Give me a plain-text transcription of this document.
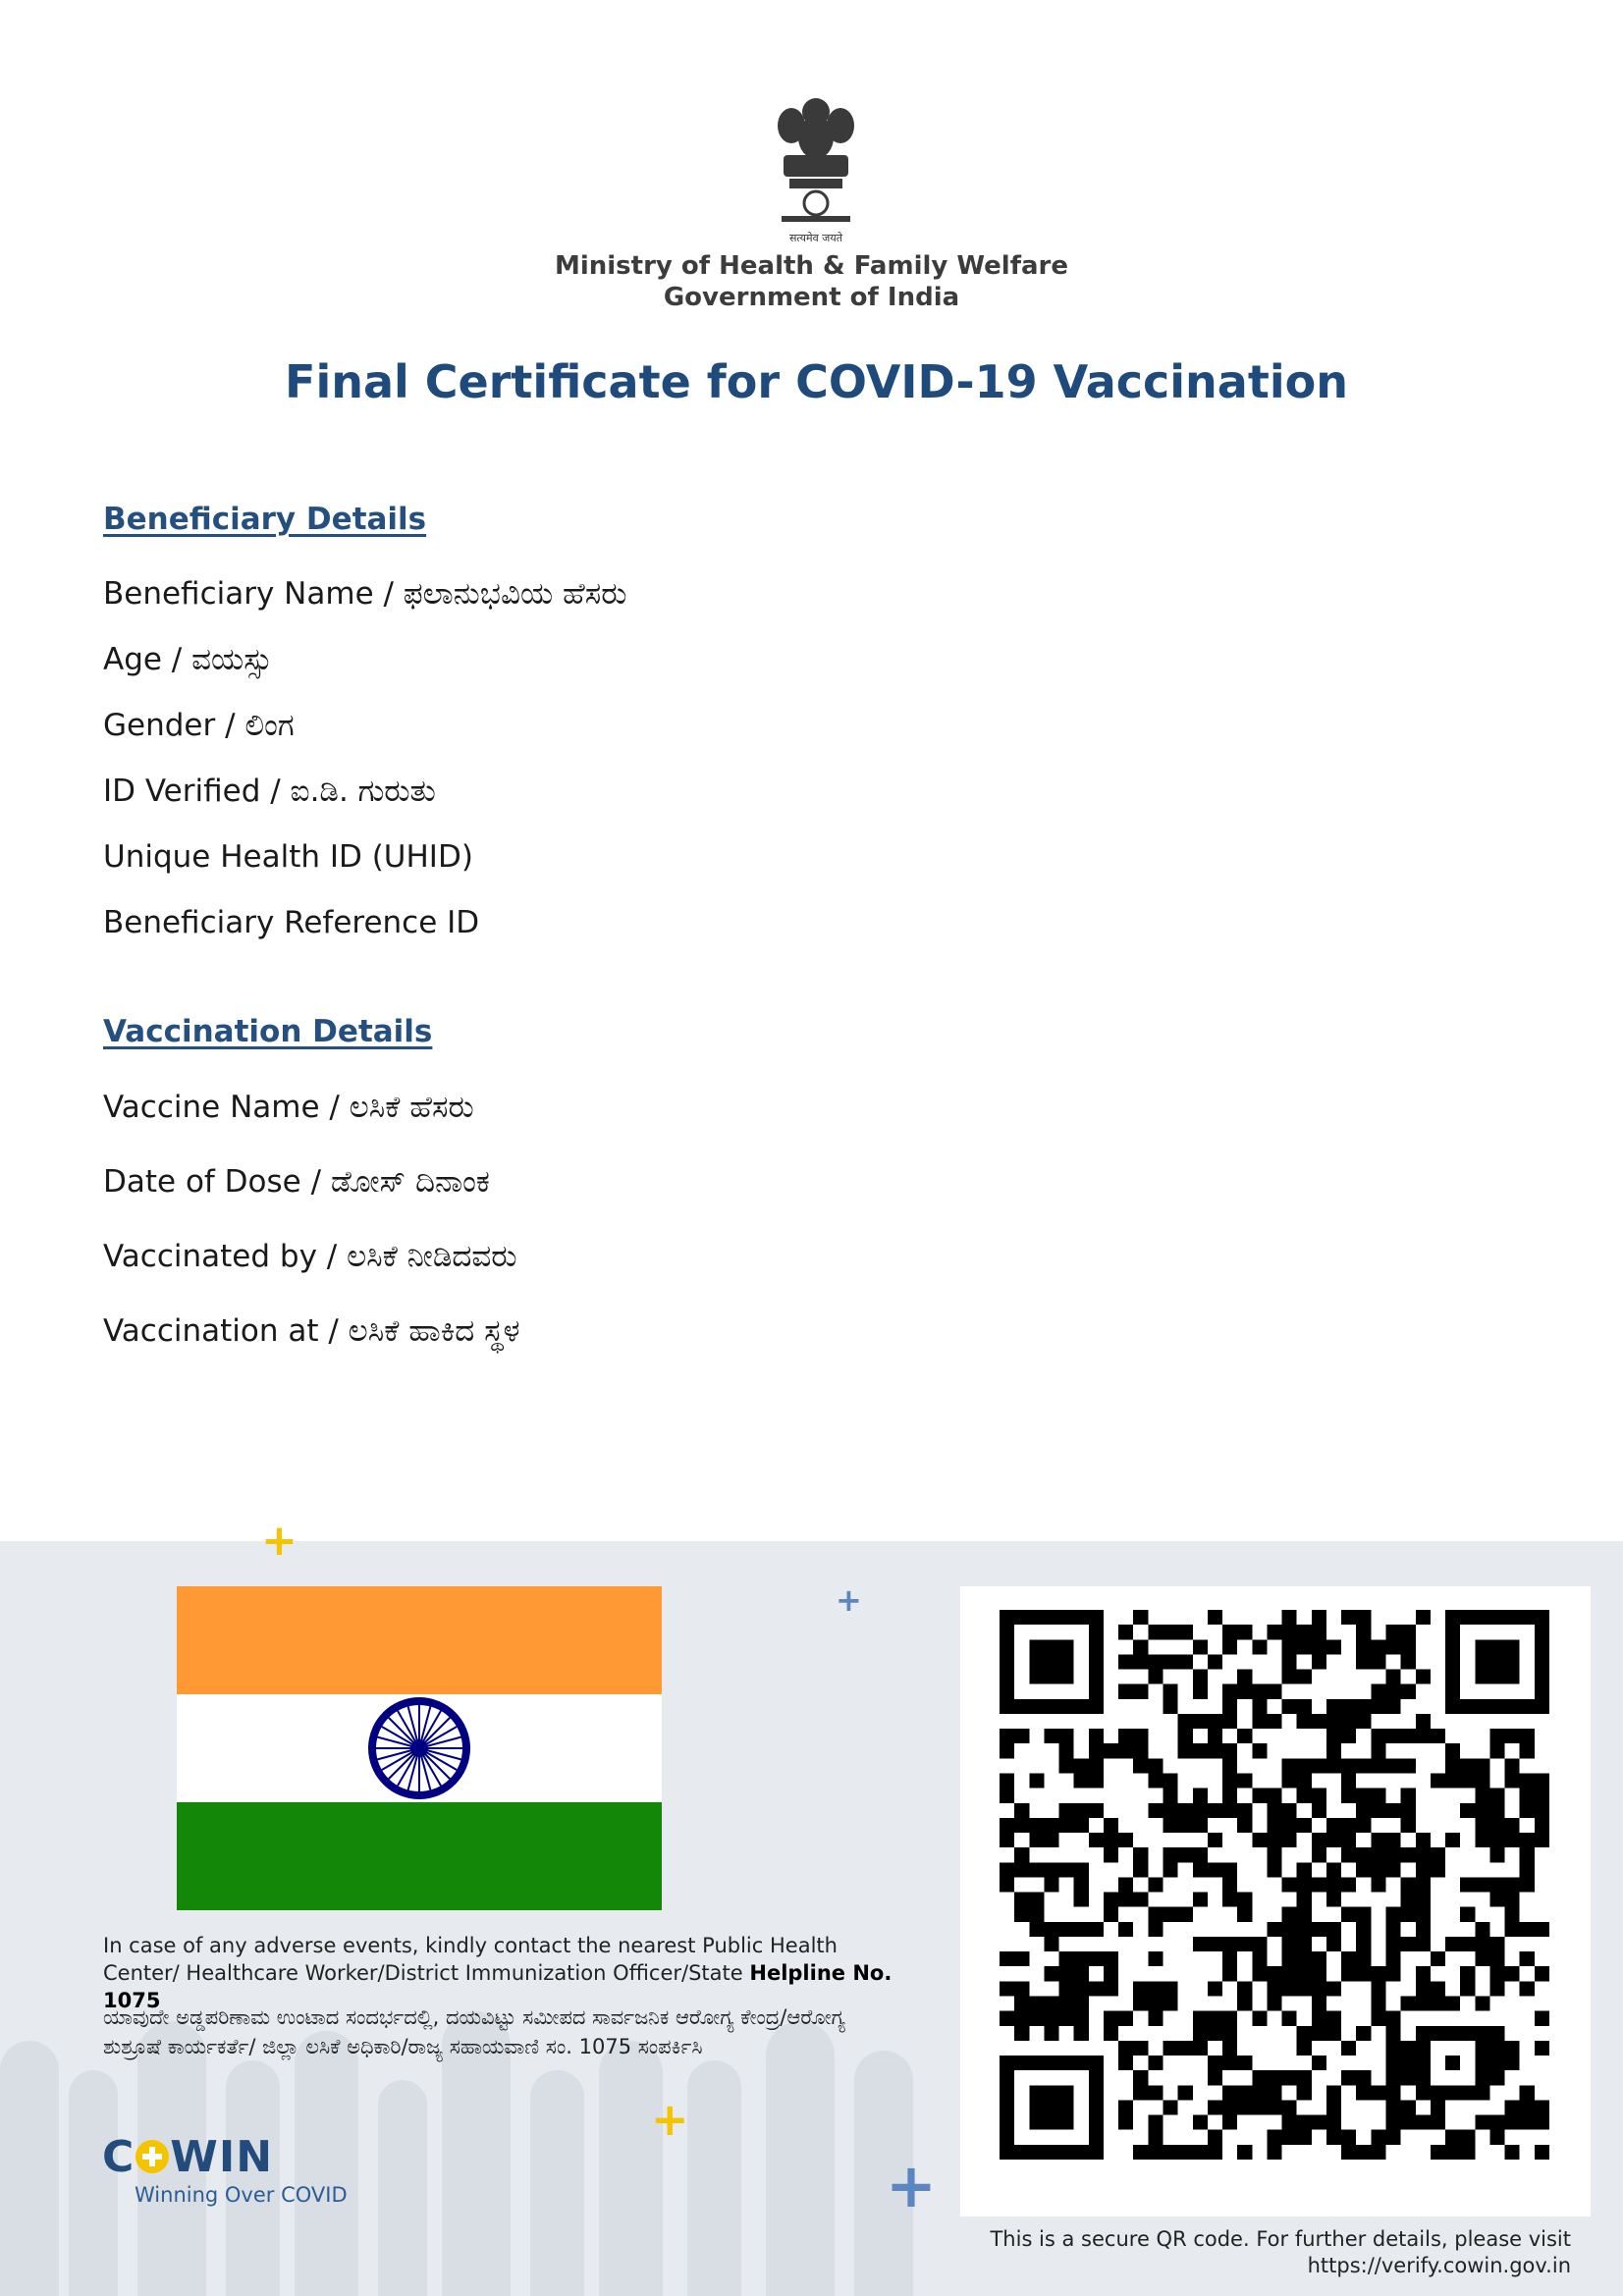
सत्यमेव जयते
Ministry of Health & Family Welfare
Government of India
Final Certificate for COVID-19 Vaccination
Beneficiary Details
Beneficiary Name / ಫಲಾನುಭವಿಯ ಹೆಸರು
Age / ವಯಸ್ಸು
Gender / ಲಿಂಗ
ID Verified / ಐ.ಡಿ. ಗುರುತು
Unique Health ID (UHID)
Beneficiary Reference ID
Vaccination Details
Vaccine Name / ಲಸಿಕೆ ಹೆಸರು
Date of Dose / ಡೋಸ್ ದಿನಾಂಕ
Vaccinated by / ಲಸಿಕೆ ನೀಡಿದವರು
Vaccination at / ಲಸಿಕೆ ಹಾಕಿದ ಸ್ಥಳ
+
+
+
+
In case of any adverse events, kindly contact the nearest Public Health Center/ Healthcare Worker/District Immunization Officer/State Helpline No. 1075
ಯಾವುದೇ ಅಡ್ಡಪರಿಣಾಮ ಉಂಟಾದ ಸಂದರ್ಭದಲ್ಲಿ, ದಯವಿಟ್ಟು ಸಮೀಪದ ಸಾರ್ವಜನಿಕ ಆರೋಗ್ಯ ಕೇಂದ್ರ/ಆರೋಗ್ಯ ಶುಶ್ರೂಷೆ ಕಾರ್ಯಕರ್ತೆ/ ಜಿಲ್ಲಾ ಲಸಿಕೆ ಅಧಿಕಾರಿ/ರಾಜ್ಯ ಸಹಾಯವಾಣಿ ಸಂ. 1075 ಸಂಪರ್ಕಿಸಿ
C WIN
Winning Over COVID
This is a secure QR code. For further details, please visit
https://verify.cowin.gov.in
